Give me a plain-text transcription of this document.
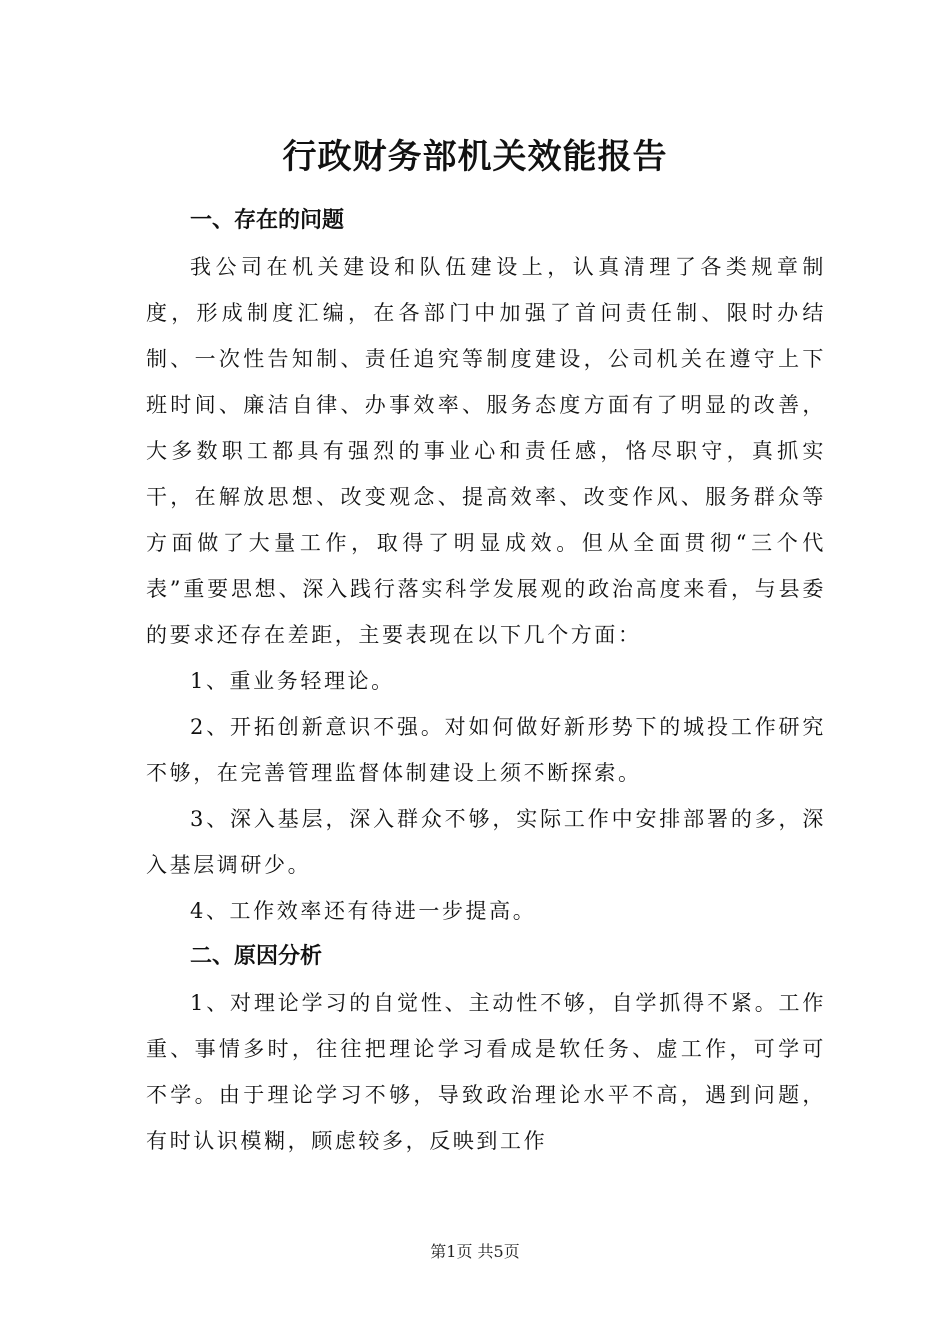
行政财务部机关效能报告
一、存在的问题

我公司在机关建设和队伍建设上，认真清理了各类规章制度，形成制度汇编，在各部门中加强了首问责任制、限时办结制、一次性告知制、责任追究等制度建设，公司机关在遵守上下班时间、廉洁自律、办事效率、服务态度方面有了明显的改善，大多数职工都具有强烈的事业心和责任感，恪尽职守，真抓实干，在解放思想、改变观念、提高效率、改变作风、服务群众等方面做了大量工作，取得了明显成效。但从全面贯彻“三个代表”重要思想、深入践行落实科学发展观的政治高度来看，与县委的要求还存在差距，主要表现在以下几个方面：

1、重业务轻理论。

2、开拓创新意识不强。对如何做好新形势下的城投工作研究不够，在完善管理监督体制建设上须不断探索。

3、深入基层，深入群众不够，实际工作中安排部署的多，深入基层调研少。

4、工作效率还有待进一步提高。

二、原因分析

1、对理论学习的自觉性、主动性不够，自学抓得不紧。工作重、事情多时，往往把理论学习看成是软任务、虚工作，可学可不学。由于理论学习不够，导致政治理论水平不高，遇到问题，有时认识模糊，顾虑较多，反映到工作

第1页 共5页
